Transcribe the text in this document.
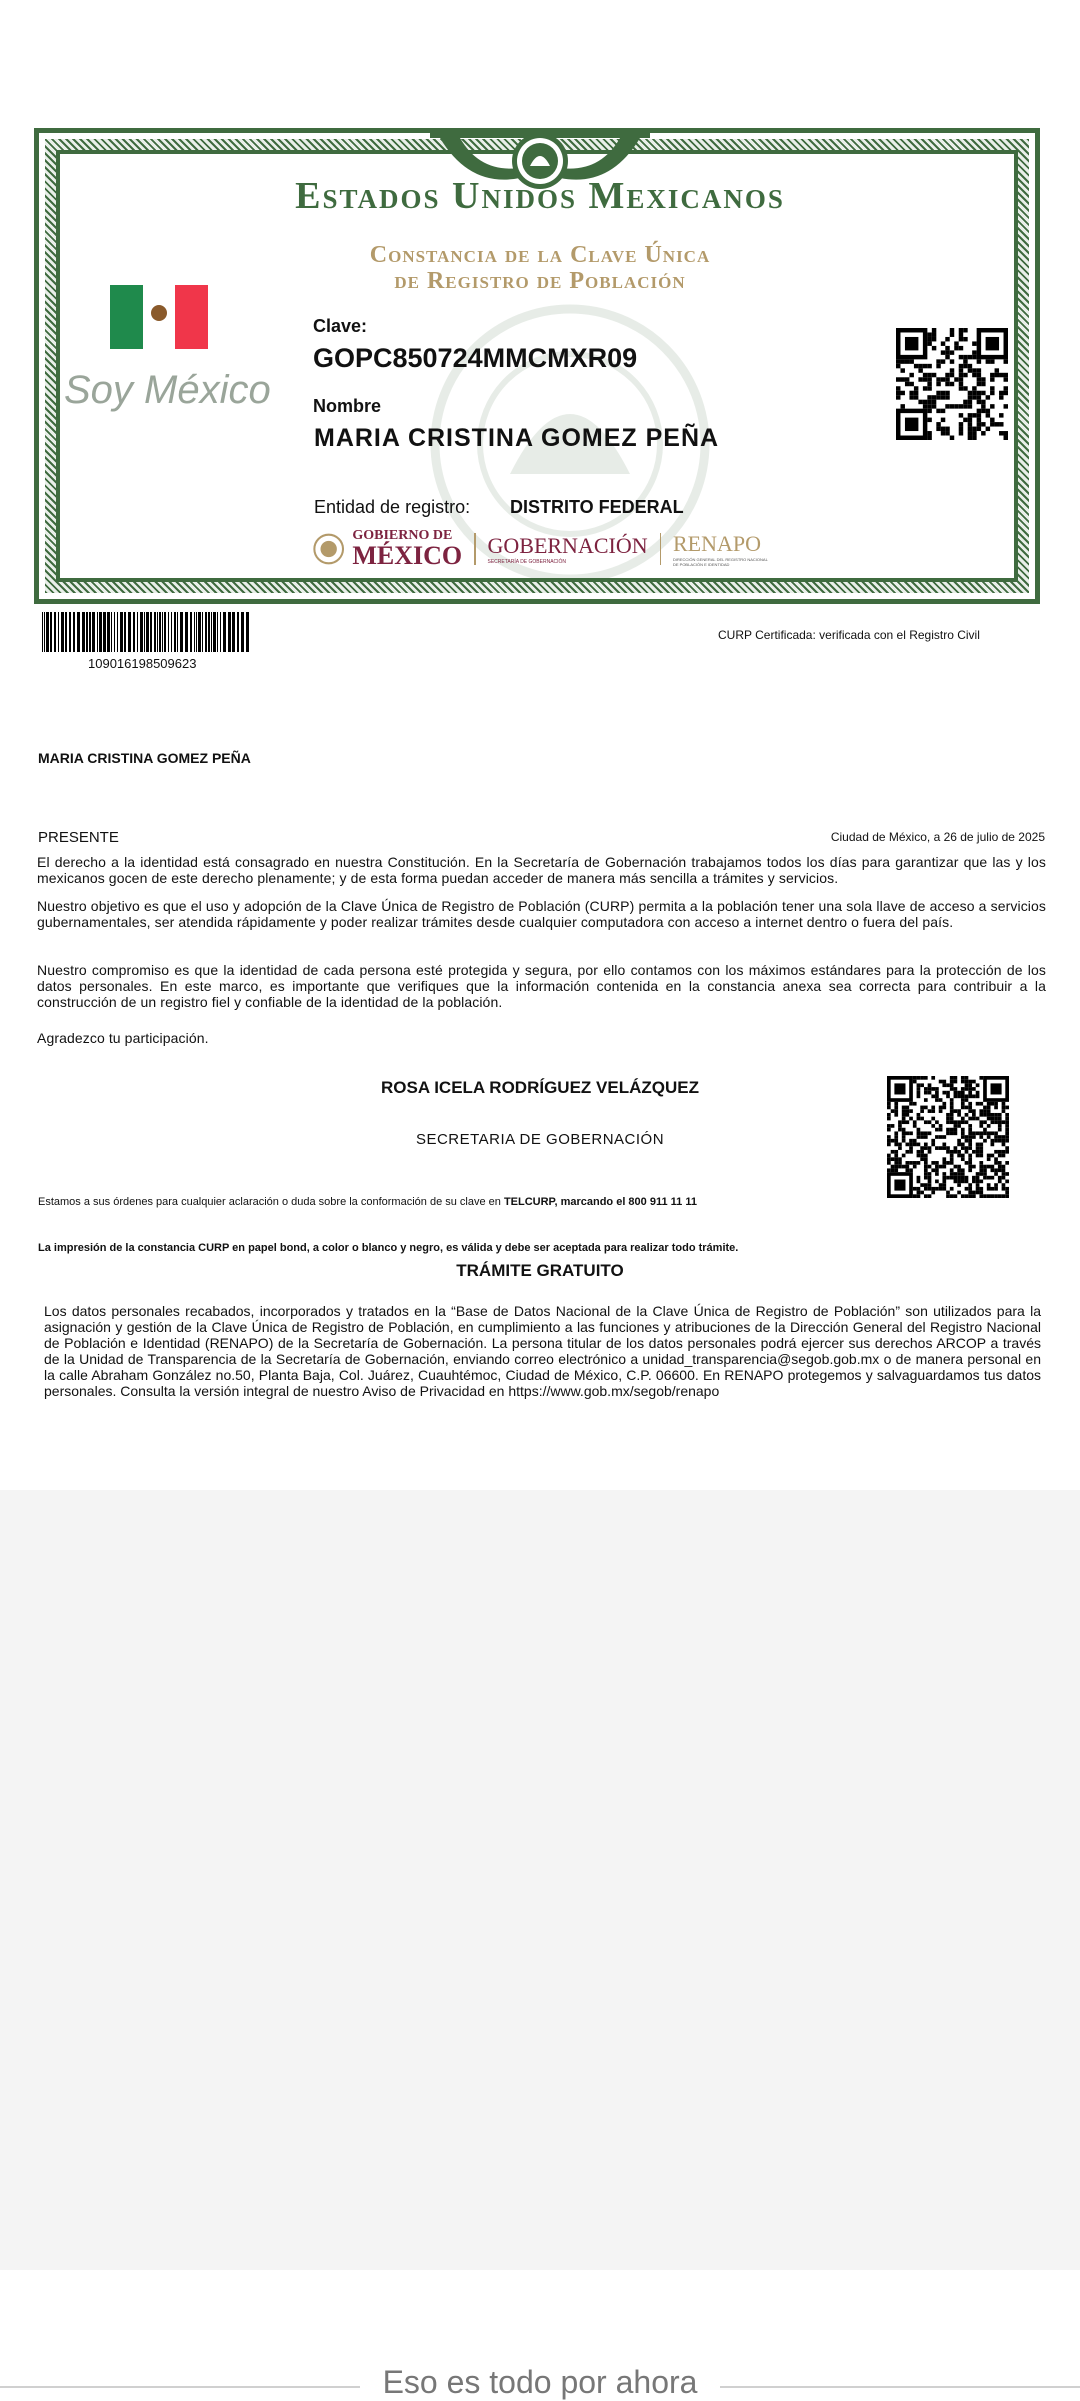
Estados Unidos Mexicanos
Constancia de la Clave Única
de Registro de Población
Soy México
Clave:
GOPC850724MMCMXR09
Nombre
MARIA CRISTINA GOMEZ PEÑA
Entidad de registro: DISTRITO FEDERAL
GOBIERNO DE
MÉXICO GOBERNACIÓN
SECRETARÍA DE GOBERNACIÓN
RENAPO
DIRECCIÓN GENERAL DEL REGISTRO NACIONAL DE POBLACIÓN E IDENTIDAD
109016198509623
CURP Certificada: verificada con el Registro Civil
MARIA CRISTINA GOMEZ PEÑA
PRESENTE	Ciudad de México, a 26 de julio de 2025
El derecho a la identidad está consagrado en nuestra Constitución. En la Secretaría de Gobernación trabajamos todos los días para garantizar que las y los mexicanos gocen de este derecho plenamente; y de esta forma puedan acceder de manera más sencilla a trámites y servicios.
Nuestro objetivo es que el uso y adopción de la Clave Única de Registro de Población (CURP) permita a la población tener una sola llave de acceso a servicios gubernamentales, ser atendida rápidamente y poder realizar trámites desde cualquier computadora con acceso a internet dentro o fuera del país.
Nuestro compromiso es que la identidad de cada persona esté protegida y segura, por ello contamos con los máximos estándares para la protección de los datos personales. En este marco, es importante que verifiques que la información contenida en la constancia anexa sea correcta para contribuir a la construcción de un registro fiel y confiable de la identidad de la población.
Agradezco tu participación.
ROSA ICELA RODRÍGUEZ VELÁZQUEZ
SECRETARIA DE GOBERNACIÓN
Estamos a sus órdenes para cualquier aclaración o duda sobre la conformación de su clave en TELCURP, marcando el 800 911 11 11
La impresión de la constancia CURP en papel bond, a color o blanco y negro, es válida y debe ser aceptada para realizar todo trámite.
TRÁMITE GRATUITO
Los datos personales recabados, incorporados y tratados en la “Base de Datos Nacional de la Clave Única de Registro de Población” son utilizados para la asignación y gestión de la Clave Única de Registro de Población, en cumplimiento a las funciones y atribuciones de la Dirección General del Registro Nacional de Población e Identidad (RENAPO) de la Secretaría de Gobernación. La persona titular de los datos personales podrá ejercer sus derechos ARCOP a través de la Unidad de Transparencia de la Secretaría de Gobernación, enviando correo electrónico a unidad_transparencia@segob.gob.mx o de manera personal en la calle Abraham González no.50, Planta Baja, Col. Juárez, Cuauhtémoc, Ciudad de México, C.P. 06600. En RENAPO protegemos y salvaguardamos tus datos personales. Consulta la versión integral de nuestro Aviso de Privacidad en https://www.gob.mx/segob/renapo
Eso es todo por ahora
